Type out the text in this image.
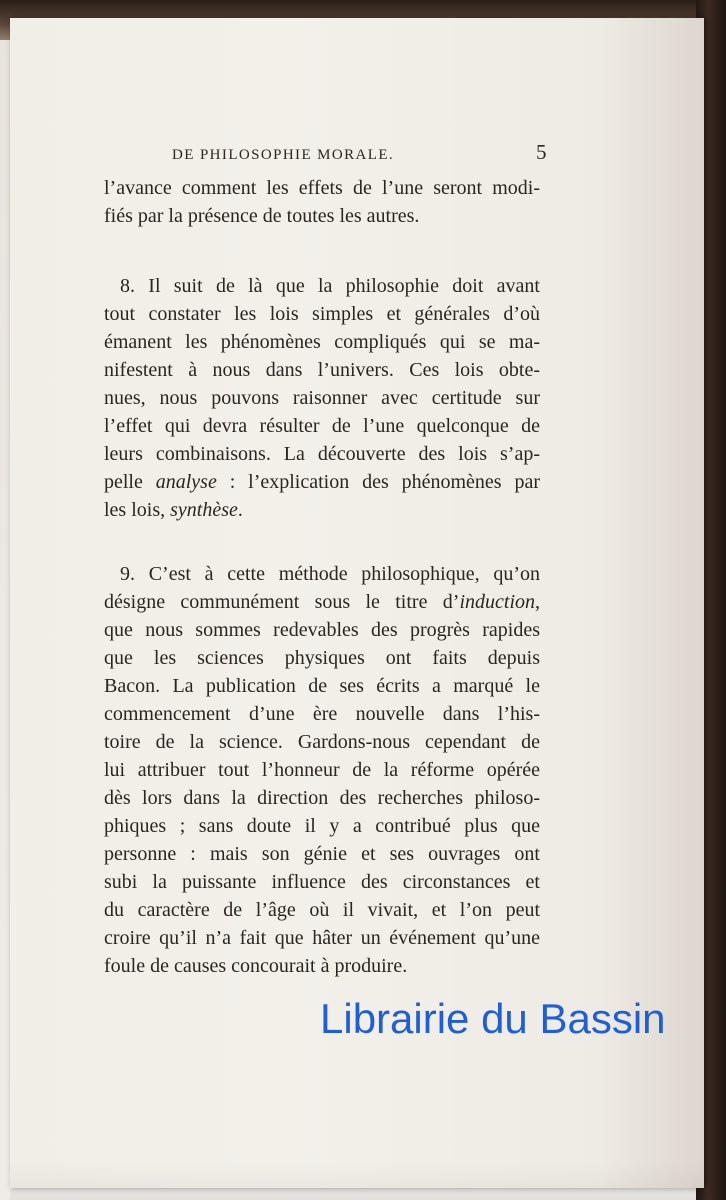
DE PHILOSOPHIE MORALE.	5
l’avance comment les effets de l’une seront modi-
fiés par la présence de toutes les autres.
8. Il suit de là que la philosophie doit avant
tout constater les lois simples et générales d’où
émanent les phénomènes compliqués qui se ma-
nifestent à nous dans l’univers. Ces lois obte-
nues, nous pouvons raisonner avec certitude sur
l’effet qui devra résulter de l’une quelconque de
leurs combinaisons. La découverte des lois s’ap-
pelle analyse : l’explication des phénomènes par
les lois, synthèse.
9. C’est à cette méthode philosophique, qu’on
désigne communément sous le titre d’induction,
que nous sommes redevables des progrès rapides
que les sciences physiques ont faits depuis
Bacon. La publication de ses écrits a marqué le
commencement d’une ère nouvelle dans l’his-
toire de la science. Gardons-nous cependant de
lui attribuer tout l’honneur de la réforme opérée
dès lors dans la direction des recherches philoso-
phiques ; sans doute il y a contribué plus que
personne : mais son génie et ses ouvrages ont
subi la puissante influence des circonstances et
du caractère de l’âge où il vivait, et l’on peut
croire qu’il n’a fait que hâter un événement qu’une
foule de causes concourait à produire.
Librairie du Bassin
